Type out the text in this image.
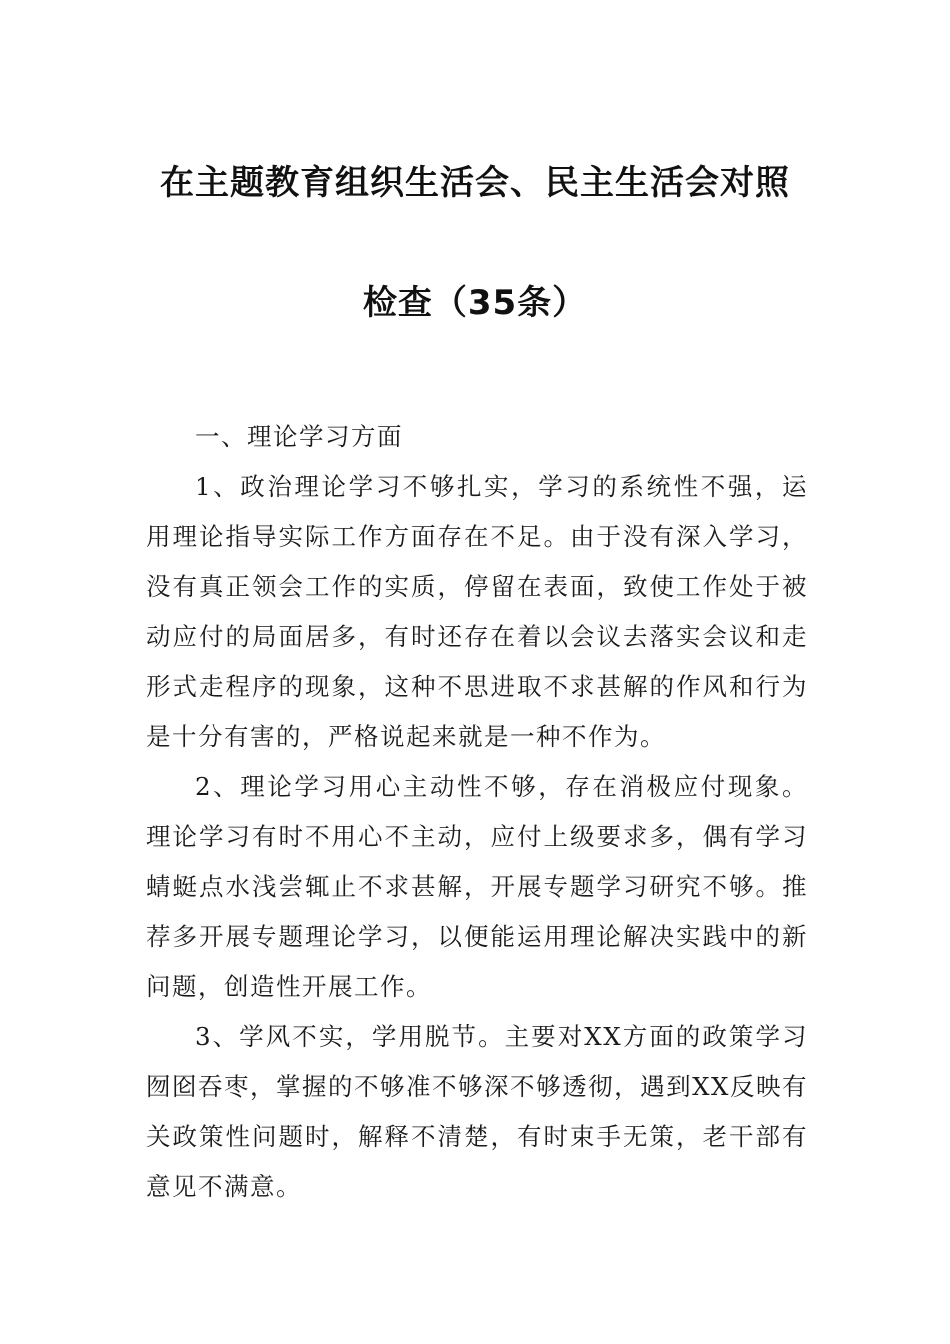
在主题教育组织生活会、民主生活会对照
检查（35条）

一、理论学习方面

1、政治理论学习不够扎实，学习的系统性不强，运用理论指导实际工作方面存在不足。由于没有深入学习，没有真正领会工作的实质，停留在表面，致使工作处于被动应付的局面居多，有时还存在着以会议去落实会议和走形式走程序的现象，这种不思进取不求甚解的作风和行为是十分有害的，严格说起来就是一种不作为。

2、理论学习用心主动性不够，存在消极应付现象。理论学习有时不用心不主动，应付上级要求多，偶有学习蜻蜓点水浅尝辄止不求甚解，开展专题学习研究不够。推荐多开展专题理论学习，以便能运用理论解决实践中的新问题，创造性开展工作。

3、学风不实，学用脱节。主要对XX方面的政策学习囫囵吞枣，掌握的不够准不够深不够透彻，遇到XX反映有关政策性问题时，解释不清楚，有时束手无策，老干部有意见不满意。
